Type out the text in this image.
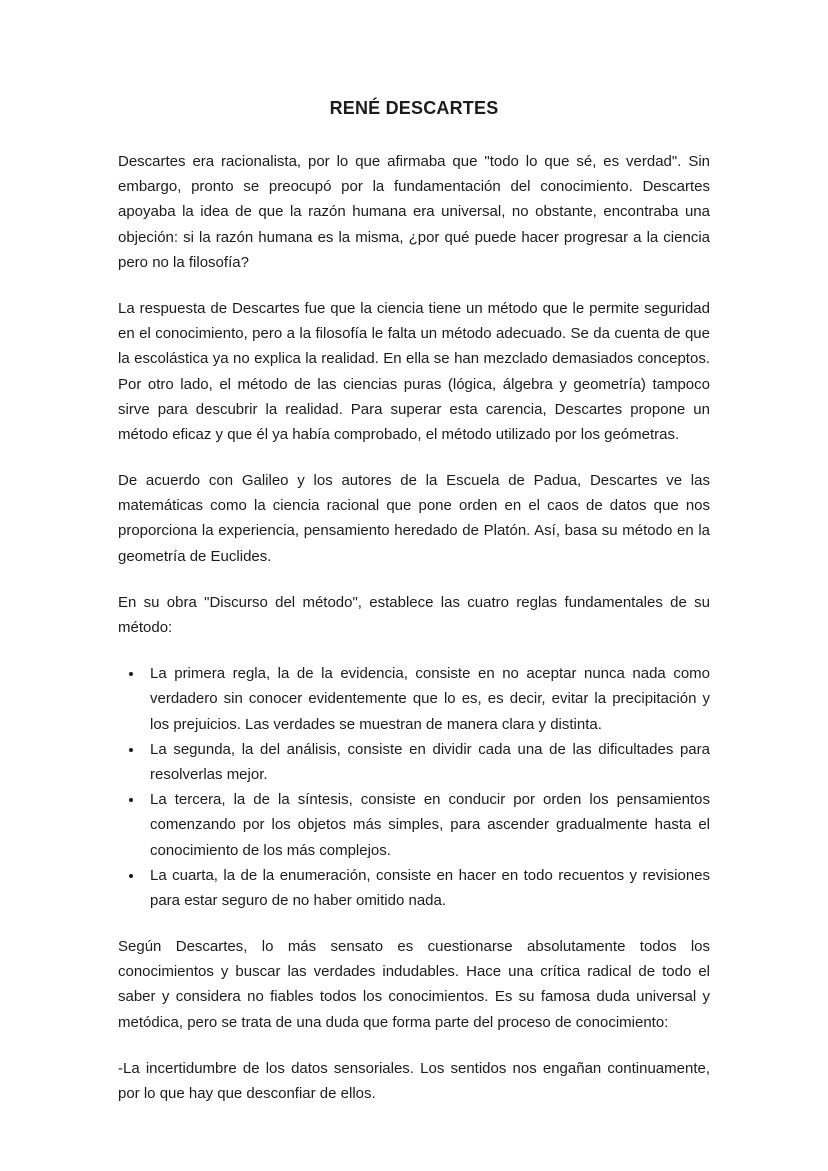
RENÉ DESCARTES

Descartes era racionalista, por lo que afirmaba que "todo lo que sé, es verdad". Sin embargo, pronto se preocupó por la fundamentación del conocimiento. Descartes apoyaba la idea de que la razón humana era universal, no obstante, encontraba una objeción: si la razón humana es la misma, ¿por qué puede hacer progresar a la ciencia pero no la filosofía?

La respuesta de Descartes fue que la ciencia tiene un método que le permite seguridad en el conocimiento, pero a la filosofía le falta un método adecuado. Se da cuenta de que la escolástica ya no explica la realidad. En ella se han mezclado demasiados conceptos. Por otro lado, el método de las ciencias puras (lógica, álgebra y geometría) tampoco sirve para descubrir la realidad. Para superar esta carencia, Descartes propone un método eficaz y que él ya había comprobado, el método utilizado por los geómetras.

De acuerdo con Galileo y los autores de la Escuela de Padua, Descartes ve las matemáticas como la ciencia racional que pone orden en el caos de datos que nos proporciona la experiencia, pensamiento heredado de Platón. Así, basa su método en la geometría de Euclides.

En su obra "Discurso del método", establece las cuatro reglas fundamentales de su método:

• La primera regla, la de la evidencia, consiste en no aceptar nunca nada como verdadero sin conocer evidentemente que lo es, es decir, evitar la precipitación y los prejuicios. Las verdades se muestran de manera clara y distinta.
• La segunda, la del análisis, consiste en dividir cada una de las dificultades para resolverlas mejor.
• La tercera, la de la síntesis, consiste en conducir por orden los pensamientos comenzando por los objetos más simples, para ascender gradualmente hasta el conocimiento de los más complejos.
• La cuarta, la de la enumeración, consiste en hacer en todo recuentos y revisiones para estar seguro de no haber omitido nada.

Según Descartes, lo más sensato es cuestionarse absolutamente todos los conocimientos y buscar las verdades indudables. Hace una crítica radical de todo el saber y considera no fiables todos los conocimientos. Es su famosa duda universal y metódica, pero se trata de una duda que forma parte del proceso de conocimiento:

-La incertidumbre de los datos sensoriales. Los sentidos nos engañan continuamente, por lo que hay que desconfiar de ellos.
